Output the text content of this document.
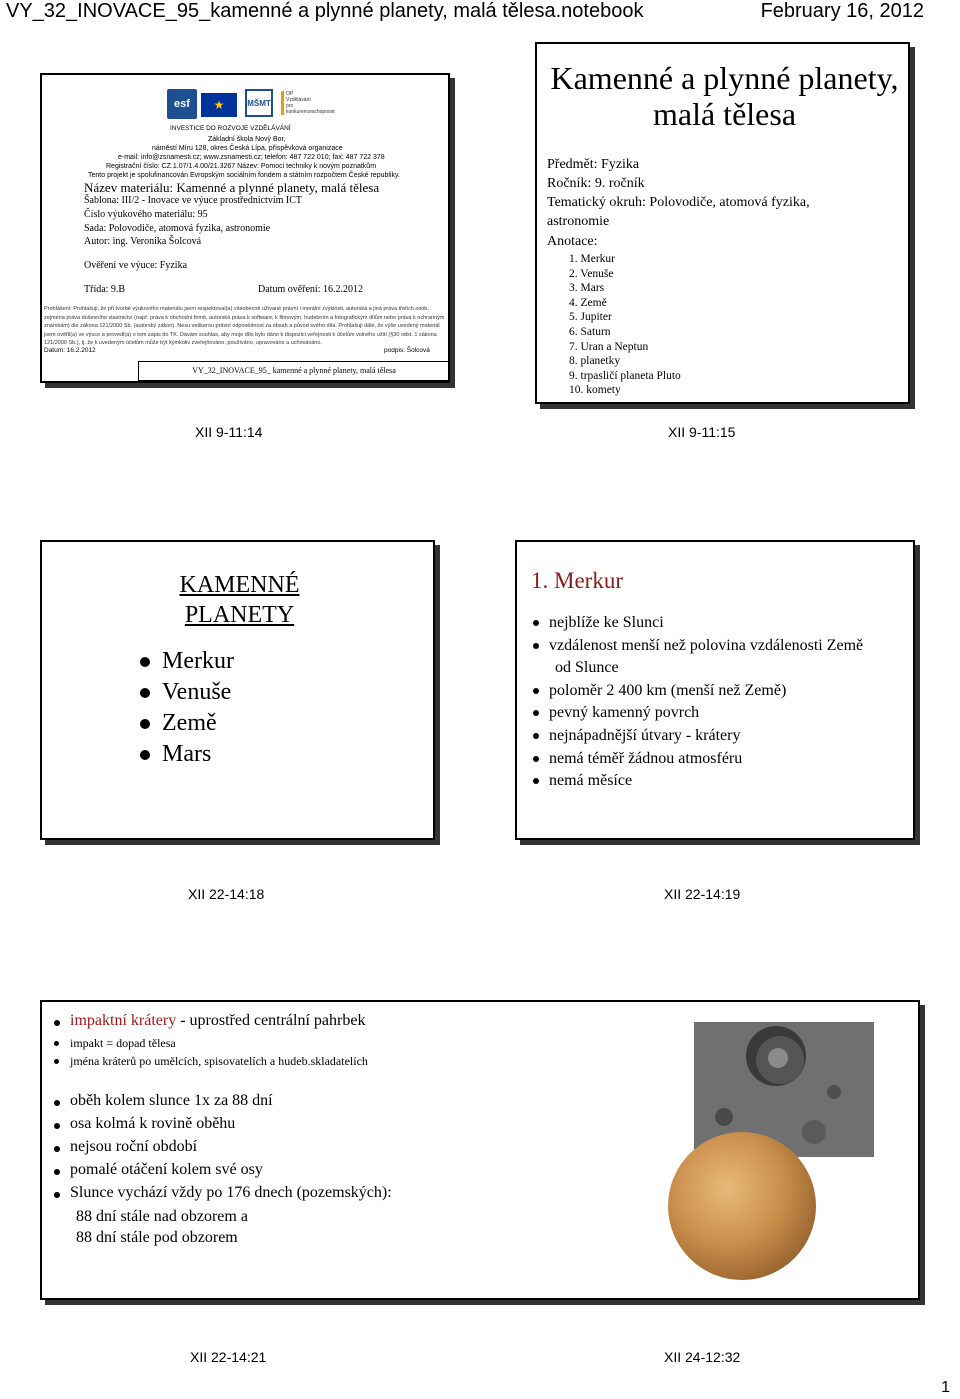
VY_32_INOVACE_95_kamenné a plynné planety, malá tělesa.notebook	February 16, 2012
esf	★	MŠMT
OP Vzdělávání pro konkurenceschopnost
INVESTICE DO ROZVOJE VZDĚLÁVÁNÍ
Základní škola Nový Bor,
náměstí Míru 128, okres Česká Lípa, příspěvková organizace
e-mail: info@zsnamesti.cz; www.zsnamesti.cz; telefon: 487 722 010; fax: 487 722 378
Registrační číslo: CZ.1.07/1.4.00/21.3267 Název: Pomoci techniky k novým poznatkům
Tento projekt je spolufinancován Evropským sociálním fondem a státním rozpočtem České republiky.
Název materiálu: Kamenné a plynné planety, malá tělesa
Šablona: III/2 - Inovace ve výuce prostřednictvím ICT
Číslo výukového materiálu: 95
Sada: Polovodiče, atomová fyzika, astronomie
Autor: ing. Veronika Šolcová
Ověření ve výuce: Fyzika
Třída: 9.B	Datum ověření: 16.2.2012
Prohlášení: Prohlašuji, že při tvorbě výukového materiálu jsem respektoval(a) všeobecně užívané právní i morální zvyklosti, autorská a jiná práva třetích osob, zejména práva duševního vlastnictví (např. práva k obchodní firmě, autorská práva k software, k filmovým, hudebním a fotografickým dílům nebo práva k ochranným známkám) dle zákona 121/2000 Sb. (autorský zákon). Nesu veškerou právní odpovědnost za obsah a původ svého díla. Prohlašuji dále, že výše uvedený materiál jsem ověřil(a) ve výuce a provedl(a) o tom zápis do TK. Dávám souhlas, aby moje dílo bylo dáno k dispozici veřejnosti k účelům volného užití (§30 odst. 1 zákona 121/2000 Sb.), tj. že k uvedeným účelům může být kýmkoliv zveřejňováno, používáno, upravováno a uchováváno.
Datum: 16.2.2012	podpis: Šolcová
VY_32_INOVACE_95_ kamenné a plynné planety, malá tělesa
XII 9-11:14
Kamenné a plynné planety, malá tělesa
Předmět: Fyzika
Ročník: 9. ročník
Tematický okruh: Polovodiče, atomová fyzika, astronomie
Anotace:
1. Merkur
2. Venuše
3. Mars
4. Země
5. Jupiter
6. Saturn
7. Uran a Neptun
8. planetky
9. trpasličí planeta Pluto
10. komety
XII 9-11:15
KAMENNÉ
PLANETY
Merkur
Venuše
Země
Mars
XII 22-14:18
1. Merkur
nejblíže ke Slunci
vzdálenost menší než polovina vzdálenosti Země
od Slunce
poloměr 2 400 km (menší než Země)
pevný kamenný povrch
nejnápadnější útvary - krátery
nemá téměř žádnou atmosféru
nemá měsíce
XII 22-14:19
impaktní krátery - uprostřed centrální pahrbek
impakt = dopad tělesa
jména kráterů po umělcích, spisovatelích a hudeb.skladatelích
oběh kolem slunce 1x za 88 dní
osa kolmá k rovině oběhu
nejsou roční období
pomalé otáčení kolem své osy
Slunce vychází vždy po 176 dnech (pozemských):
88 dní stále nad obzorem a
88 dní stále pod obzorem
XII 22-14:21	XII 24-12:32
1
